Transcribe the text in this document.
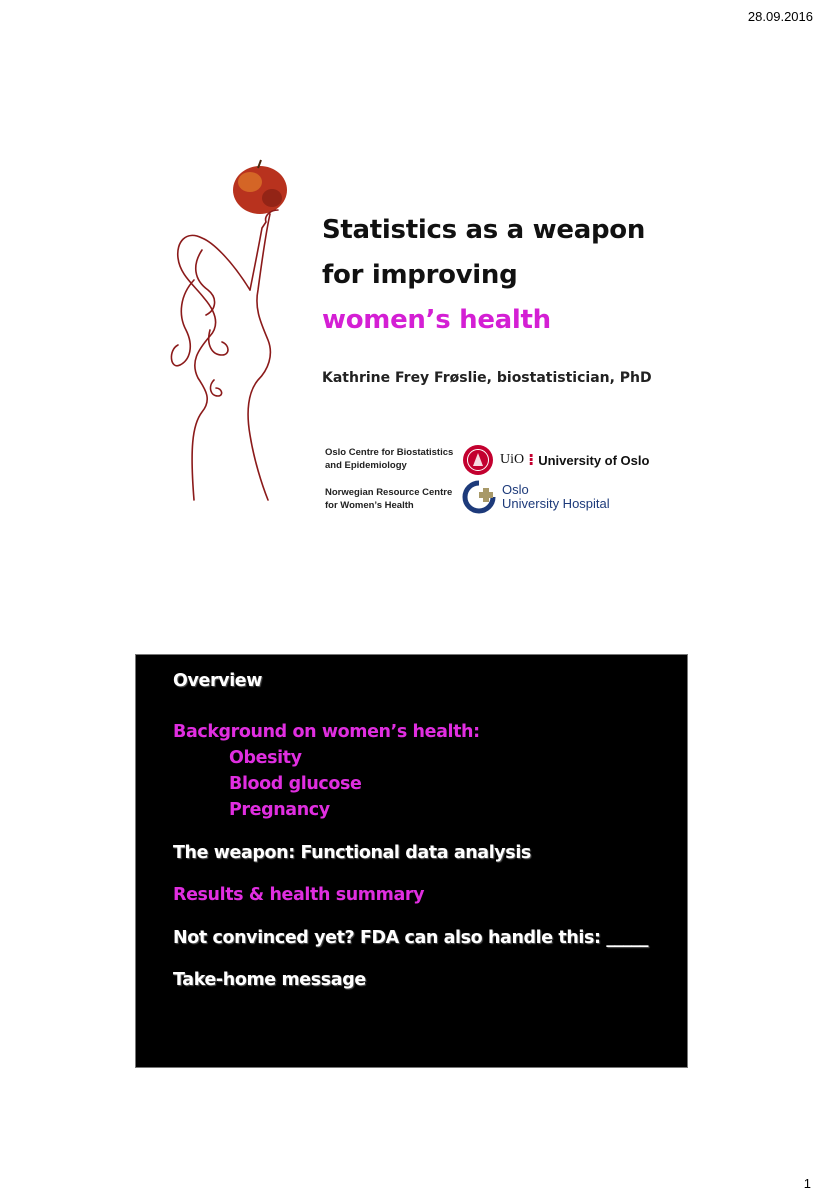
28.09.2016
Statistics as a weapon
for improving
women’s health
Kathrine Frey Frøslie, biostatistician, PhD
Oslo Centre for Biostatistics
and Epidemiology
Norwegian Resource Centre
for Women’s Health
UiO ⁝ University of Oslo
Oslo
University Hospital
Overview
Background on women’s health:
Obesity
Blood glucose
Pregnancy
The weapon: Functional data analysis
Results & health summary
Not convinced yet? FDA can also handle this: _____
Take-home message
1
